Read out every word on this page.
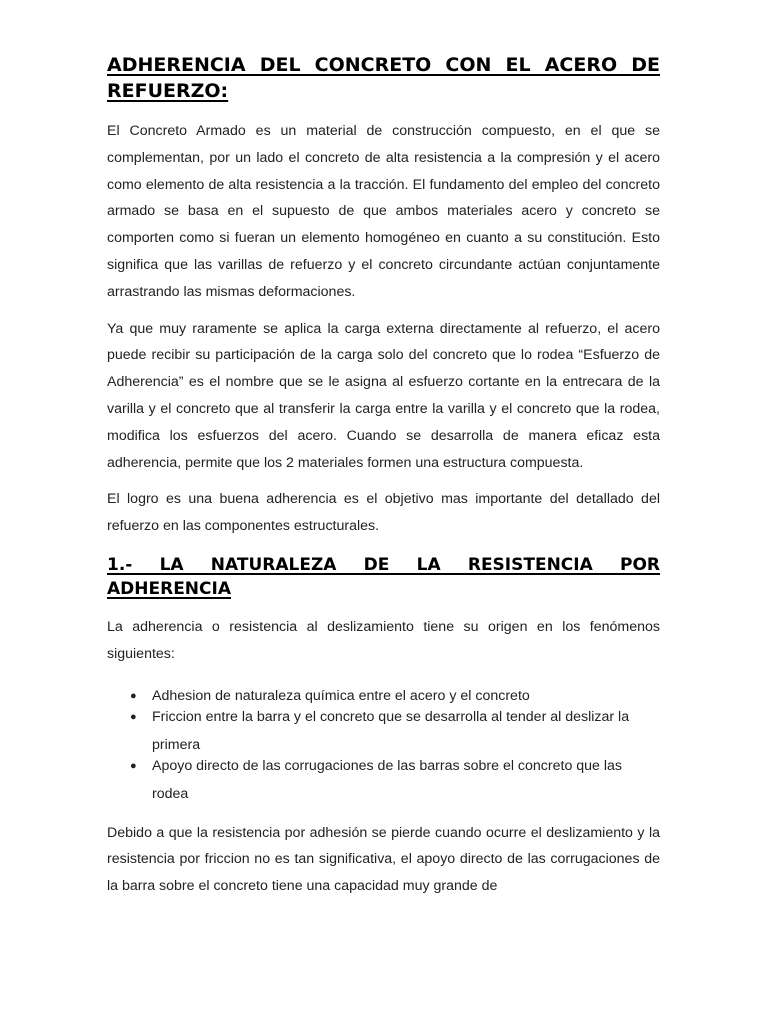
ADHERENCIA DEL CONCRETO CON EL ACERO DE REFUERZO:

El Concreto Armado es un material de construcción compuesto, en el que se complementan, por un lado el concreto de alta resistencia a la compresión y el acero como elemento de alta resistencia a la tracción. El fundamento del empleo del concreto armado se basa en el supuesto de que ambos materiales acero y concreto se comporten como si fueran un elemento homogéneo en cuanto a su constitución. Esto significa que las varillas de refuerzo y el concreto circundante actúan conjuntamente arrastrando las mismas deformaciones.

Ya que muy raramente se aplica la carga externa directamente al refuerzo, el acero puede recibir su participación de la carga solo del concreto que lo rodea “Esfuerzo de Adherencia” es el nombre que se le asigna al esfuerzo cortante en la entrecara de la varilla y el concreto que al transferir la carga entre la varilla y el concreto que la rodea, modifica los esfuerzos del acero. Cuando se desarrolla de manera eficaz esta adherencia, permite que los 2 materiales formen una estructura compuesta.

El logro es una buena adherencia es el objetivo mas importante del detallado del refuerzo en las componentes estructurales.

1.- LA NATURALEZA DE LA RESISTENCIA POR ADHERENCIA

La adherencia o resistencia al deslizamiento tiene su origen en los fenómenos siguientes:

● Adhesion de naturaleza química entre el acero y el concreto
● Friccion entre la barra y el concreto que se desarrolla al tender al deslizar la primera
● Apoyo directo de las corrugaciones de las barras sobre el concreto que las rodea

Debido a que la resistencia por adhesión se pierde cuando ocurre el deslizamiento y la resistencia por friccion no es tan significativa, el apoyo directo de las corrugaciones de la barra sobre el concreto tiene una capacidad muy grande de
